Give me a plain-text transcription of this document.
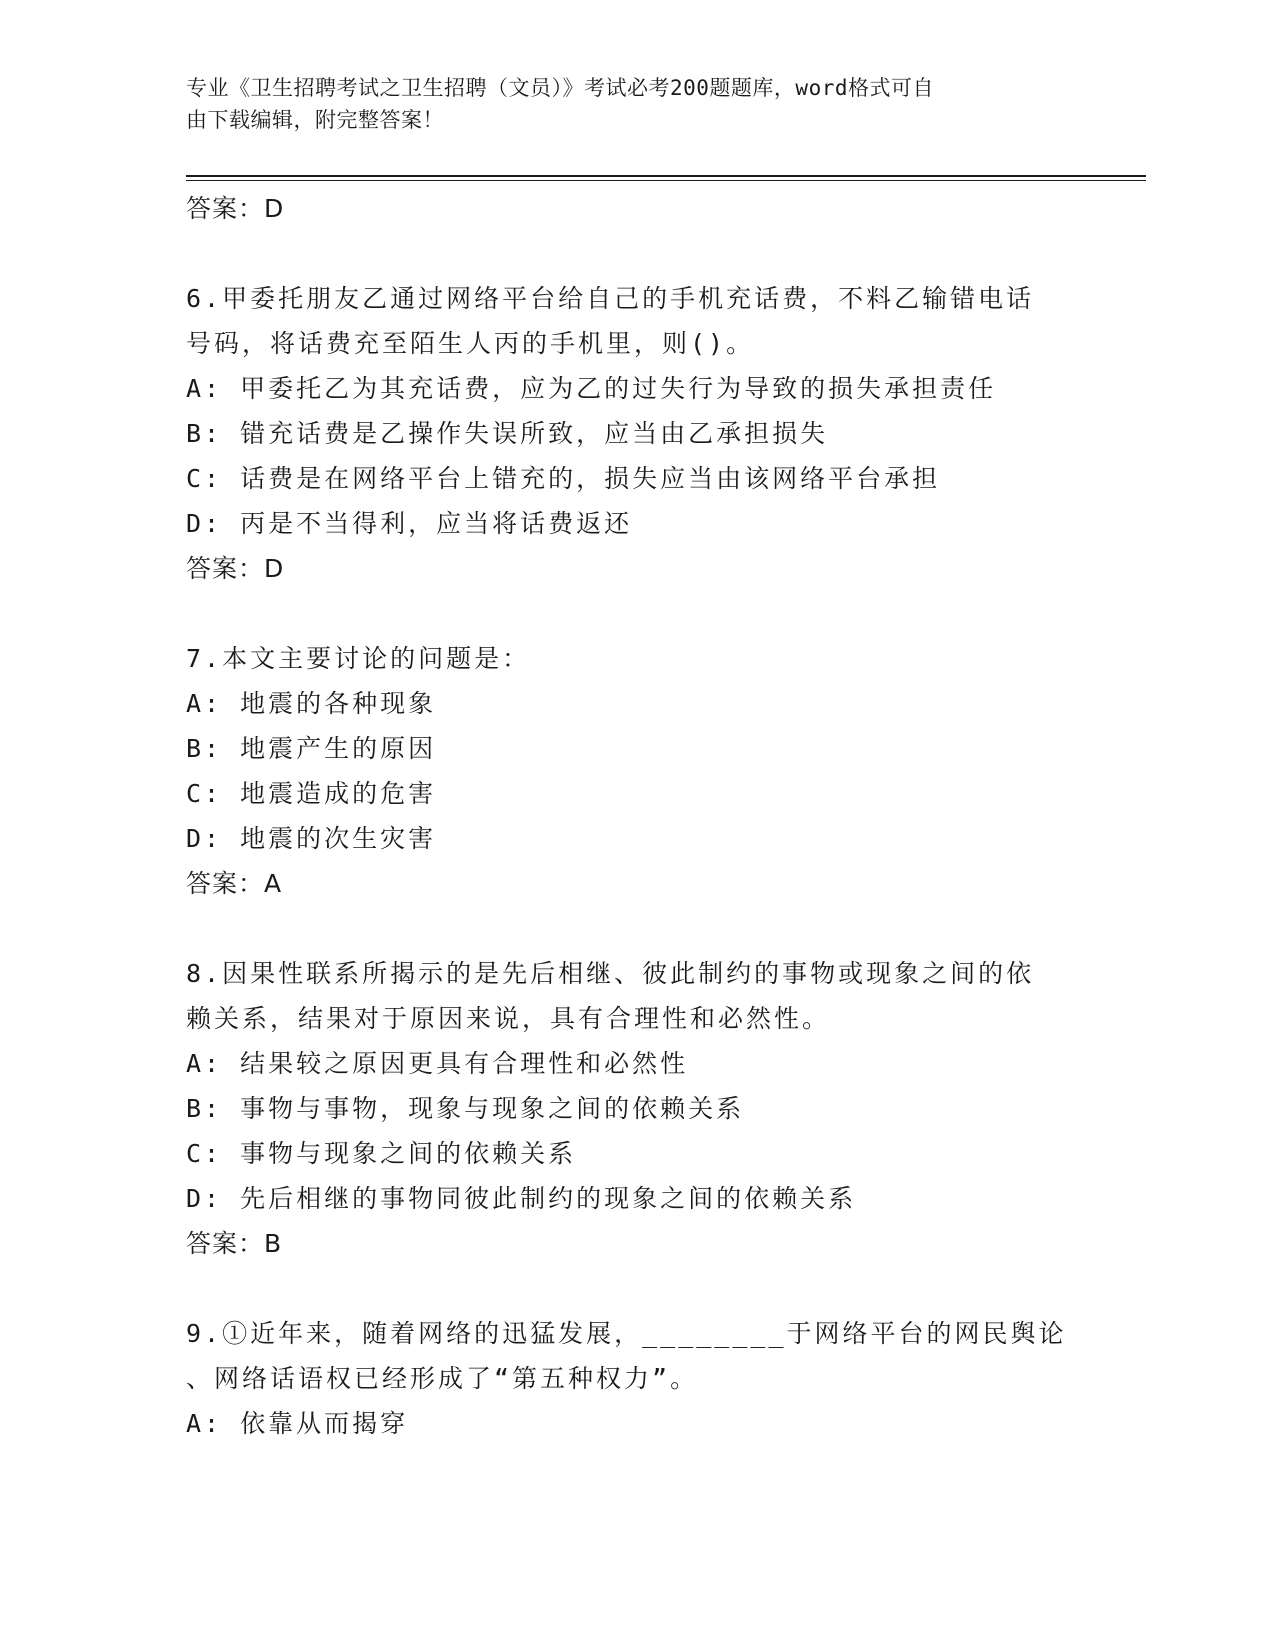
专业《卫生招聘考试之卫生招聘（文员）》考试必考200题题库，word格式可自
由下载编辑，附完整答案！
答案：D
6.甲委托朋友乙通过网络平台给自己的手机充话费，不料乙输错电话
号码，将话费充至陌生人丙的手机里，则()。
A: 甲委托乙为其充话费，应为乙的过失行为导致的损失承担责任
B: 错充话费是乙操作失误所致，应当由乙承担损失
C: 话费是在网络平台上错充的，损失应当由该网络平台承担
D: 丙是不当得利，应当将话费返还
答案：D
7.本文主要讨论的问题是：
A: 地震的各种现象
B: 地震产生的原因
C: 地震造成的危害
D: 地震的次生灾害
答案：A
8.因果性联系所揭示的是先后相继、彼此制约的事物或现象之间的依
赖关系，结果对于原因来说，具有合理性和必然性。
A: 结果较之原因更具有合理性和必然性
B: 事物与事物，现象与现象之间的依赖关系
C: 事物与现象之间的依赖关系
D: 先后相继的事物同彼此制约的现象之间的依赖关系
答案：B
9.①近年来，随着网络的迅猛发展，________于网络平台的网民舆论
、网络话语权已经形成了“第五种权力”。
A: 依靠从而揭穿
